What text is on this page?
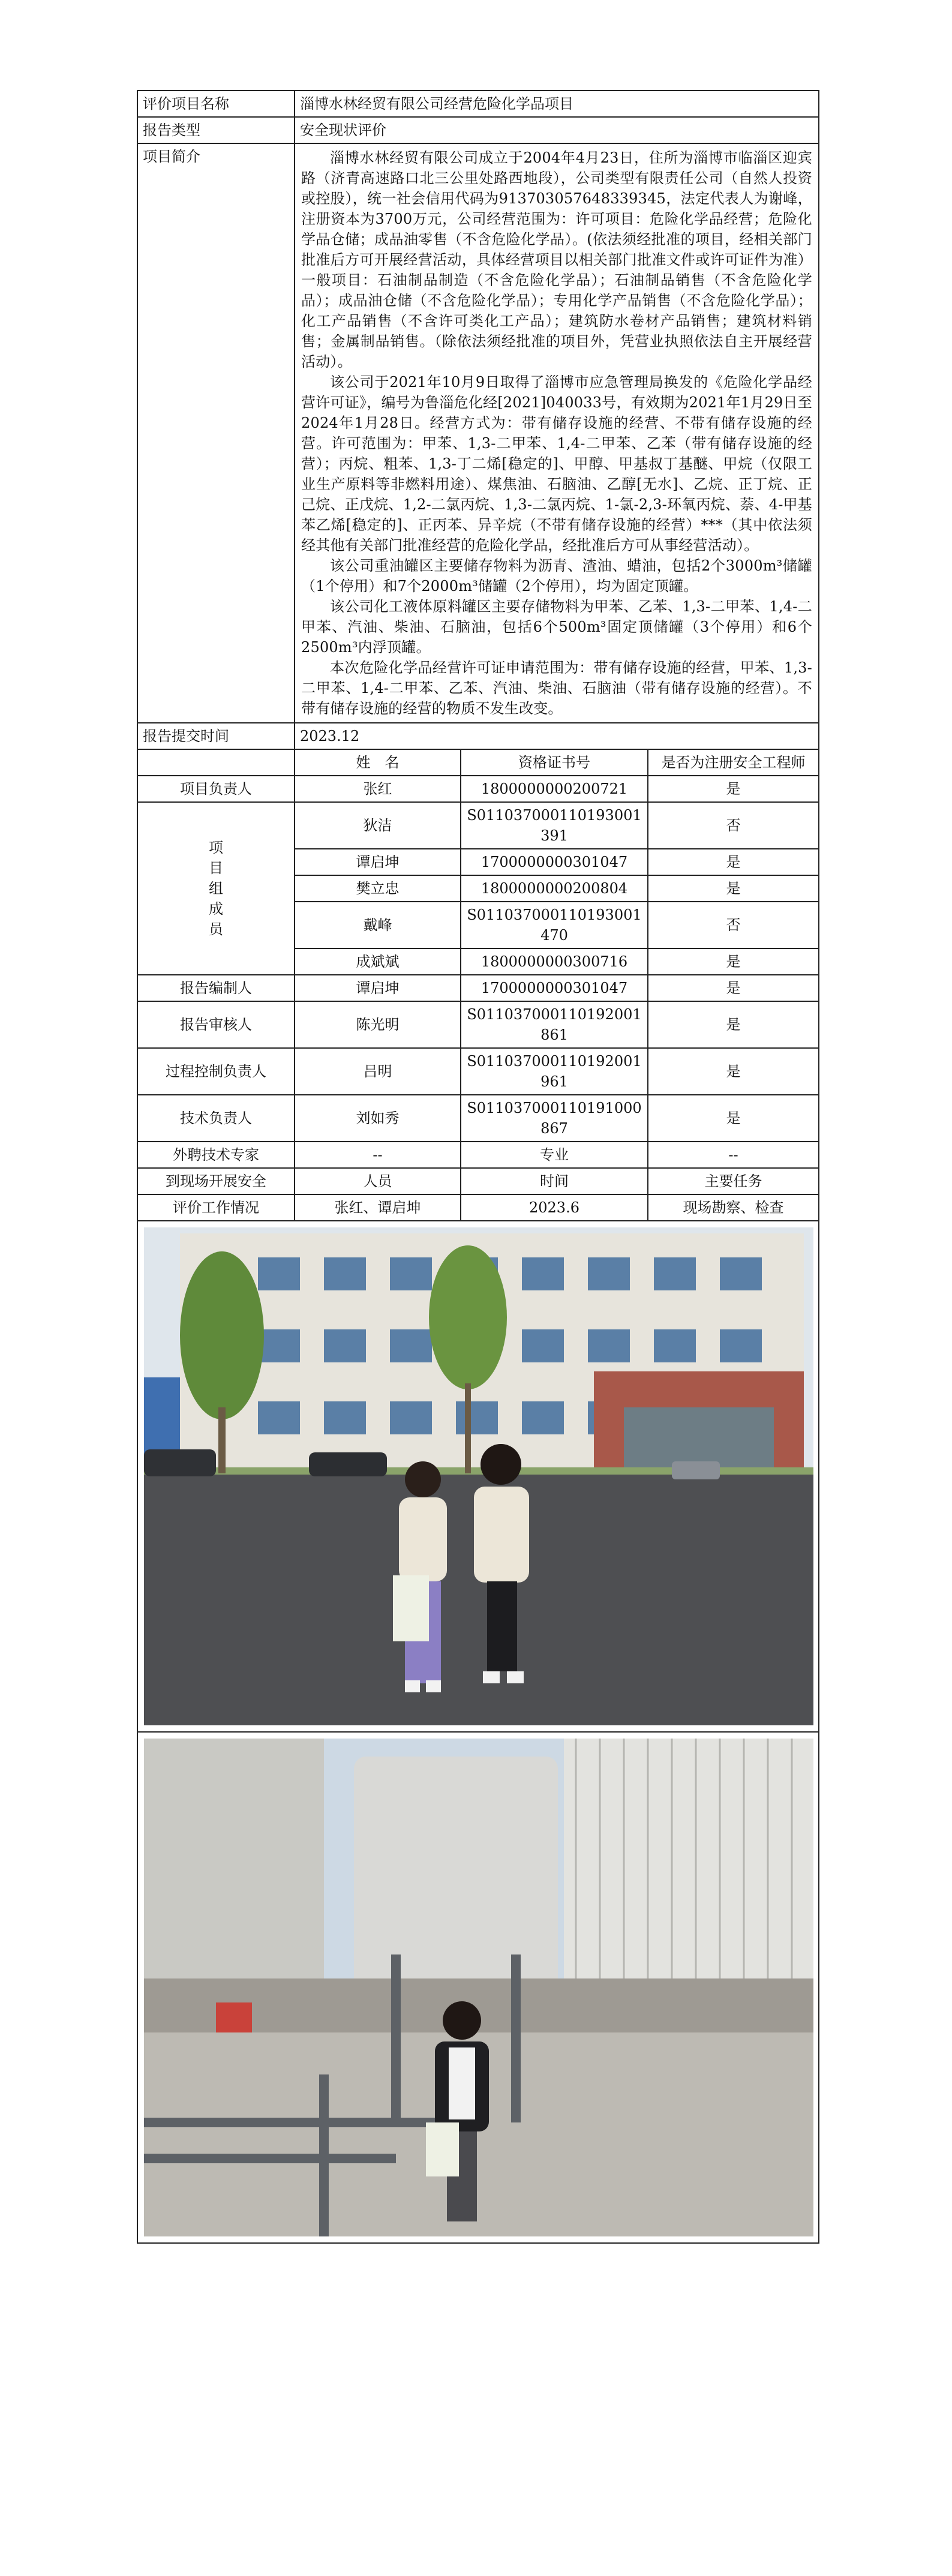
评价项目名称	淄博水林经贸有限公司经营危险化学品项目		
报告类型	安全现状评价		
项目简介	淄博水林经贸有限公司成立于2004年4月23日，住所为淄博市临淄区迎宾路（济青高速路口北三公里处路西地段），公司类型有限责任公司（自然人投资或控股），统一社会信用代码为913703057648339345，法定代表人为谢峰，注册资本为3700万元，公司经营范围为：许可项目：危险化学品经营；危险化学品仓储；成品油零售（不含危险化学品）。(依法须经批准的项目，经相关部门批准后方可开展经营活动，具体经营项目以相关部门批准文件或许可证件为准）一般项目：石油制品制造（不含危险化学品）；石油制品销售（不含危险化学品）；成品油仓储（不含危险化学品）；专用化学产品销售（不含危险化学品）；化工产品销售（不含许可类化工产品）；建筑防水卷材产品销售；建筑材料销售；金属制品销售。（除依法须经批准的项目外，凭营业执照依法自主开展经营活动）。

该公司于2021年10月9日取得了淄博市应急管理局换发的《危险化学品经营许可证》，编号为鲁淄危化经[2021]040033号，有效期为2021年1月29日至2024年1月28日。经营方式为：带有储存设施的经营、不带有储存设施的经营。许可范围为：甲苯、1,3-二甲苯、1,4-二甲苯、乙苯（带有储存设施的经营）；丙烷、粗苯、1,3-丁二烯[稳定的]、甲醇、甲基叔丁基醚、甲烷（仅限工业生产原料等非燃料用途）、煤焦油、石脑油、乙醇[无水]、乙烷、正丁烷、正己烷、正戊烷、1,2-二氯丙烷、1,3-二氯丙烷、1-氯-2,3-环氧丙烷、萘、4-甲基苯乙烯[稳定的]、正丙苯、异辛烷（不带有储存设施的经营）***（其中依法须经其他有关部门批准经营的危险化学品，经批准后方可从事经营活动）。

该公司重油罐区主要储存物料为沥青、渣油、蜡油，包括2个3000m³储罐（1个停用）和7个2000m³储罐（2个停用），均为固定顶罐。

该公司化工液体原料罐区主要存储物料为甲苯、乙苯、1,3-二甲苯、1,4-二甲苯、汽油、柴油、石脑油，包括6个500m³固定顶储罐（3个停用）和6个2500m³内浮顶罐。

本次危险化学品经营许可证申请范围为：带有储存设施的经营，甲苯、1,3-二甲苯、1,4-二甲苯、乙苯、汽油、柴油、石脑油（带有储存设施的经营）。不带有储存设施的经营的物质不发生改变。		

报告提交时间	2023.12		
	姓　名	资格证书号	是否为注册安全工程师
项目负责人	张红	1800000000200721	是

项
目
组
成
员	狄洁	S011037000110193001391	否
	谭启坤	1700000000301047	是
	樊立忠	1800000000200804	是
	戴峰	S011037000110193001470	否
	成斌斌	1800000000300716	是
报告编制人	谭启坤	1700000000301047	是
报告审核人	陈光明	S011037000110192001861	是
过程控制负责人	吕明	S011037000110192001961	是
技术负责人	刘如秀	S011037000110191000867	是
外聘技术专家	--	专业	--
到现场开展安全	人员	时间	主要任务
评价工作情况	张红、谭启坤	2023.6	现场勘察、检查
